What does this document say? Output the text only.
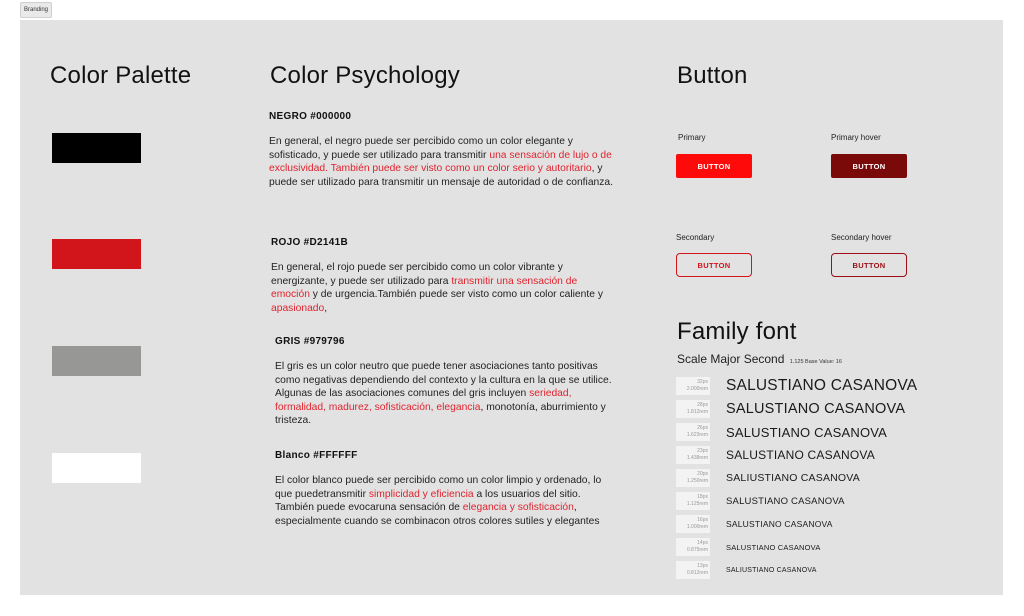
Branding
Color Palette	Color Psychology
NEGRO #000000
En general, el negro puede ser percibido como un color elegante y sofisticado, y puede ser utilizado para transmitir una sensación de lujo o de exclusividad. También puede ser visto como un color serio y autoritario, y puede ser utilizado para transmitir un mensaje de autoridad o de confianza.
ROJO #D2141B
En general, el rojo puede ser percibido como un color vibrante y energizante, y puede ser utilizado para transmitir una sensación de emoción y de urgencia.También puede ser visto como un color caliente y apasionado,
GRIS #979796
El gris es un color neutro que puede tener asociaciones tanto positivas como negativas dependiendo del contexto y la cultura en la que se utilice. Algunas de las asociaciones comunes del gris incluyen seriedad, formalidad, madurez, sofisticación, elegancia, monotonía, aburrimiento y tristeza.
Blanco #FFFFFF
El color blanco puede ser percibido como un color limpio y ordenado, lo que puedetransmitir simplicidad y eficiencia a los usuarios del sitio. También puede evocaruna sensación de elegancia y sofisticación, especialmente cuando se combinacon otros colores sutiles y elegantes
Button
Primary	Primary hover
BUTTON	BUTTON
Secondary	Secondary hover
BUTTON	BUTTON
Family font
Scale Major Second 1.125 Base Value: 16
32px
2.000rem SALUSTIANO CASANOVA
28px
1.812rem SALUSTIANO CASANOVA
26px
1.623rem SALUSTIANO CASANOVA
23px
1.438rem SALUSTIANO CASANOVA
20px
1.250rem SALIUSTIANO CASANOVA
18px
1.125rem SALUSTIANO CASANOVA
16px
1.000rem SALUSTIANO CASANOVA
14px
0.875rem SALUSTIANO CASANOVA
13px
0.812rem	SALIUSTIANO CASANOVA
